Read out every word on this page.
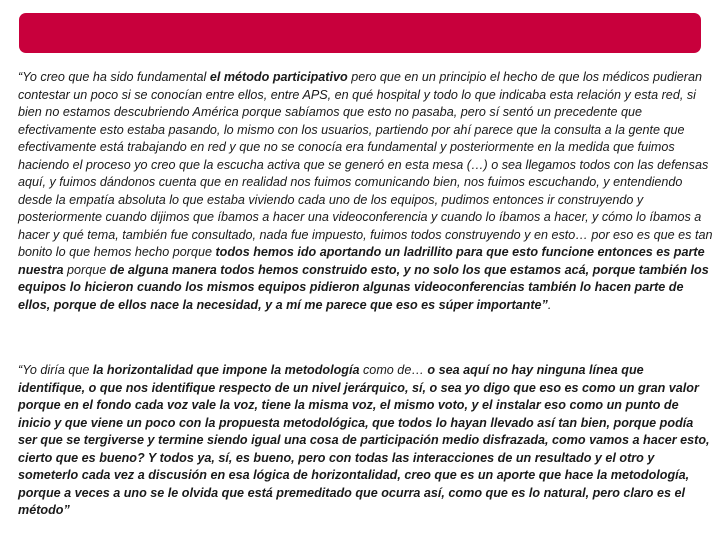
“Yo creo que ha sido fundamental el método participativo pero que en un principio el hecho de que los médicos pudieran contestar un poco si se conocían entre ellos, entre APS, en qué hospital y todo lo que indicaba esta relación y esta red, si bien no estamos descubriendo América porque sabíamos que esto no pasaba, pero sí sentó un precedente que efectivamente esto estaba pasando, lo mismo con los usuarios, partiendo por ahí parece que la consulta a la gente que efectivamente está trabajando en red y que no se conocía era fundamental y posteriormente en la medida que fuimos haciendo el proceso yo creo que la escucha activa que se generó en esta mesa (…) o sea llegamos todos con las defensas aquí, y fuimos dándonos cuenta que en realidad nos fuimos comunicando bien, nos fuimos escuchando, y entendiendo desde la empatía absoluta lo que estaba viviendo cada uno de los equipos, pudimos entonces ir construyendo y posteriormente cuando dijimos que íbamos a hacer una videoconferencia y cuando lo íbamos a hacer, y cómo lo íbamos a hacer y qué tema, también fue consultado, nada fue impuesto, fuimos todos construyendo y en esto… por eso es que es tan bonito lo que hemos hecho porque todos hemos ido aportando un ladrillito para que esto funcione entonces es parte nuestra porque de alguna manera todos hemos construido esto, y no solo los que estamos acá, porque también los equipos lo hicieron cuando los mismos equipos pidieron algunas videoconferencias también lo hacen parte de ellos, porque de ellos nace la necesidad, y a mí me parece que eso es súper importante”.

“Yo diría que la horizontalidad que impone la metodología como de… o sea aquí no hay ninguna línea que identifique, o que nos identifique respecto de un nivel jerárquico, sí, o sea yo digo que eso es como un gran valor porque en el fondo cada voz vale la voz, tiene la misma voz, el mismo voto, y el instalar eso como un punto de inicio y que viene un poco con la propuesta metodológica, que todos lo hayan llevado así tan bien, porque podía ser que se tergiverse y termine siendo igual una cosa de participación medio disfrazada, como vamos a hacer esto, cierto que es bueno? Y todos ya, sí, es bueno, pero con todas las interacciones de un resultado y el otro y someterlo cada vez a discusión en esa lógica de horizontalidad, creo que es un aporte que hace la metodología, porque a veces a uno se le olvida que está premeditado que ocurra así, como que es lo natural, pero claro es el método”
